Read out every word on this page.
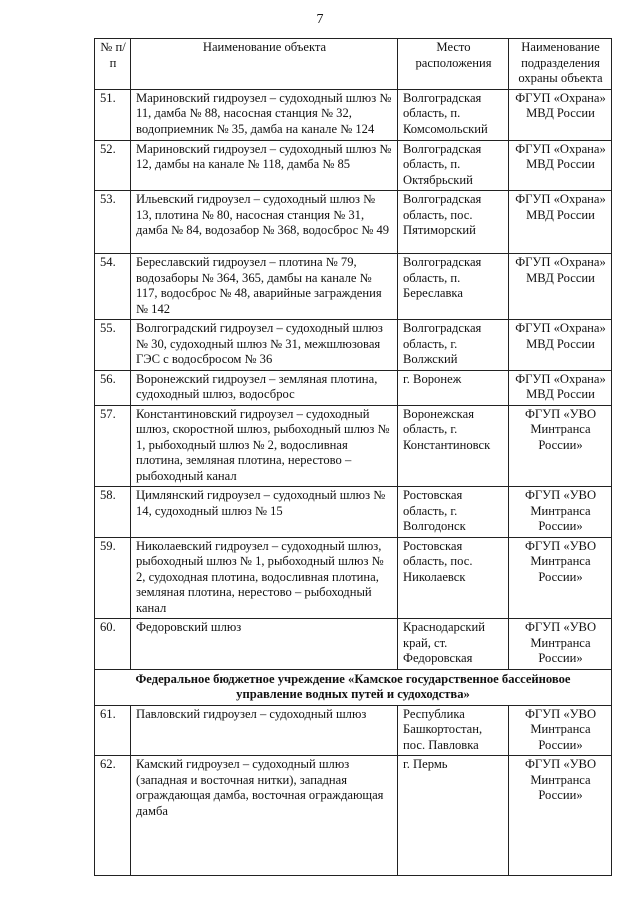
7
№ п/п	Наименование объекта	Место расположения	Наименование подразделения охраны объекта
51.	Мариновский гидроузел – судоходный шлюз № 11, дамба № 88, насосная станция № 32, водоприемник № 35, дамба на канале № 124	Волгоградская область, п. Комсомольский	ФГУП «Охрана» МВД России
52.	Мариновский гидроузел – судоходный шлюз № 12, дамбы на канале № 118, дамба № 85	Волгоградская область, п. Октябрьский	ФГУП «Охрана» МВД России
53.	Ильевский гидроузел – судоходный шлюз № 13, плотина № 80, насосная станция № 31, дамба № 84, водозабор № 368, водосброс № 49	Волгоградская область, пос. Пятиморский	ФГУП «Охрана» МВД России
54.	Береславский гидроузел – плотина № 79, водозаборы № 364, 365, дамбы на канале № 117, водосброс № 48, аварийные заграждения № 142	Волгоградская область, п. Береславка	ФГУП «Охрана» МВД России
55.	Волгоградский гидроузел – судоходный шлюз № 30, судоходный шлюз № 31, межшлюзовая ГЭС с водосбросом № 36	Волгоградская область, г. Волжский	ФГУП «Охрана» МВД России
56.	Воронежский гидроузел – земляная плотина, судоходный шлюз, водосброс	г. Воронеж	ФГУП «Охрана» МВД России
57.	Константиновский гидроузел – судоходный шлюз, скоростной шлюз, рыбоходный шлюз № 1, рыбоходный шлюз № 2, водосливная плотина, земляная плотина, нерестово – рыбоходный канал	Воронежская область, г. Константиновск	ФГУП «УВО Минтранса России»
58.	Цимлянский гидроузел – судоходный шлюз № 14, судоходный шлюз № 15	Ростовская область, г. Волгодонск	ФГУП «УВО Минтранса России»
59.	Николаевский гидроузел – судоходный шлюз, рыбоходный шлюз № 1, рыбоходный шлюз № 2, судоходная плотина, водосливная плотина, земляная плотина, нерестово – рыбоходный канал	Ростовская область, пос. Николаевск	ФГУП «УВО Минтранса России»
60.	Федоровский шлюз	Краснодарский край, ст. Федоровская	ФГУП «УВО Минтранса России»
Федеральное бюджетное учреждение «Камское государственное бассейновое управление водных путей и судоходства»			
61.	Павловский гидроузел – судоходный шлюз	Республика Башкортостан, пос. Павловка	ФГУП «УВО Минтранса России»
62.	Камский гидроузел – судоходный шлюз (западная и восточная нитки), западная ограждающая дамба, восточная ограждающая дамба	г. Пермь	ФГУП «УВО Минтранса России»
